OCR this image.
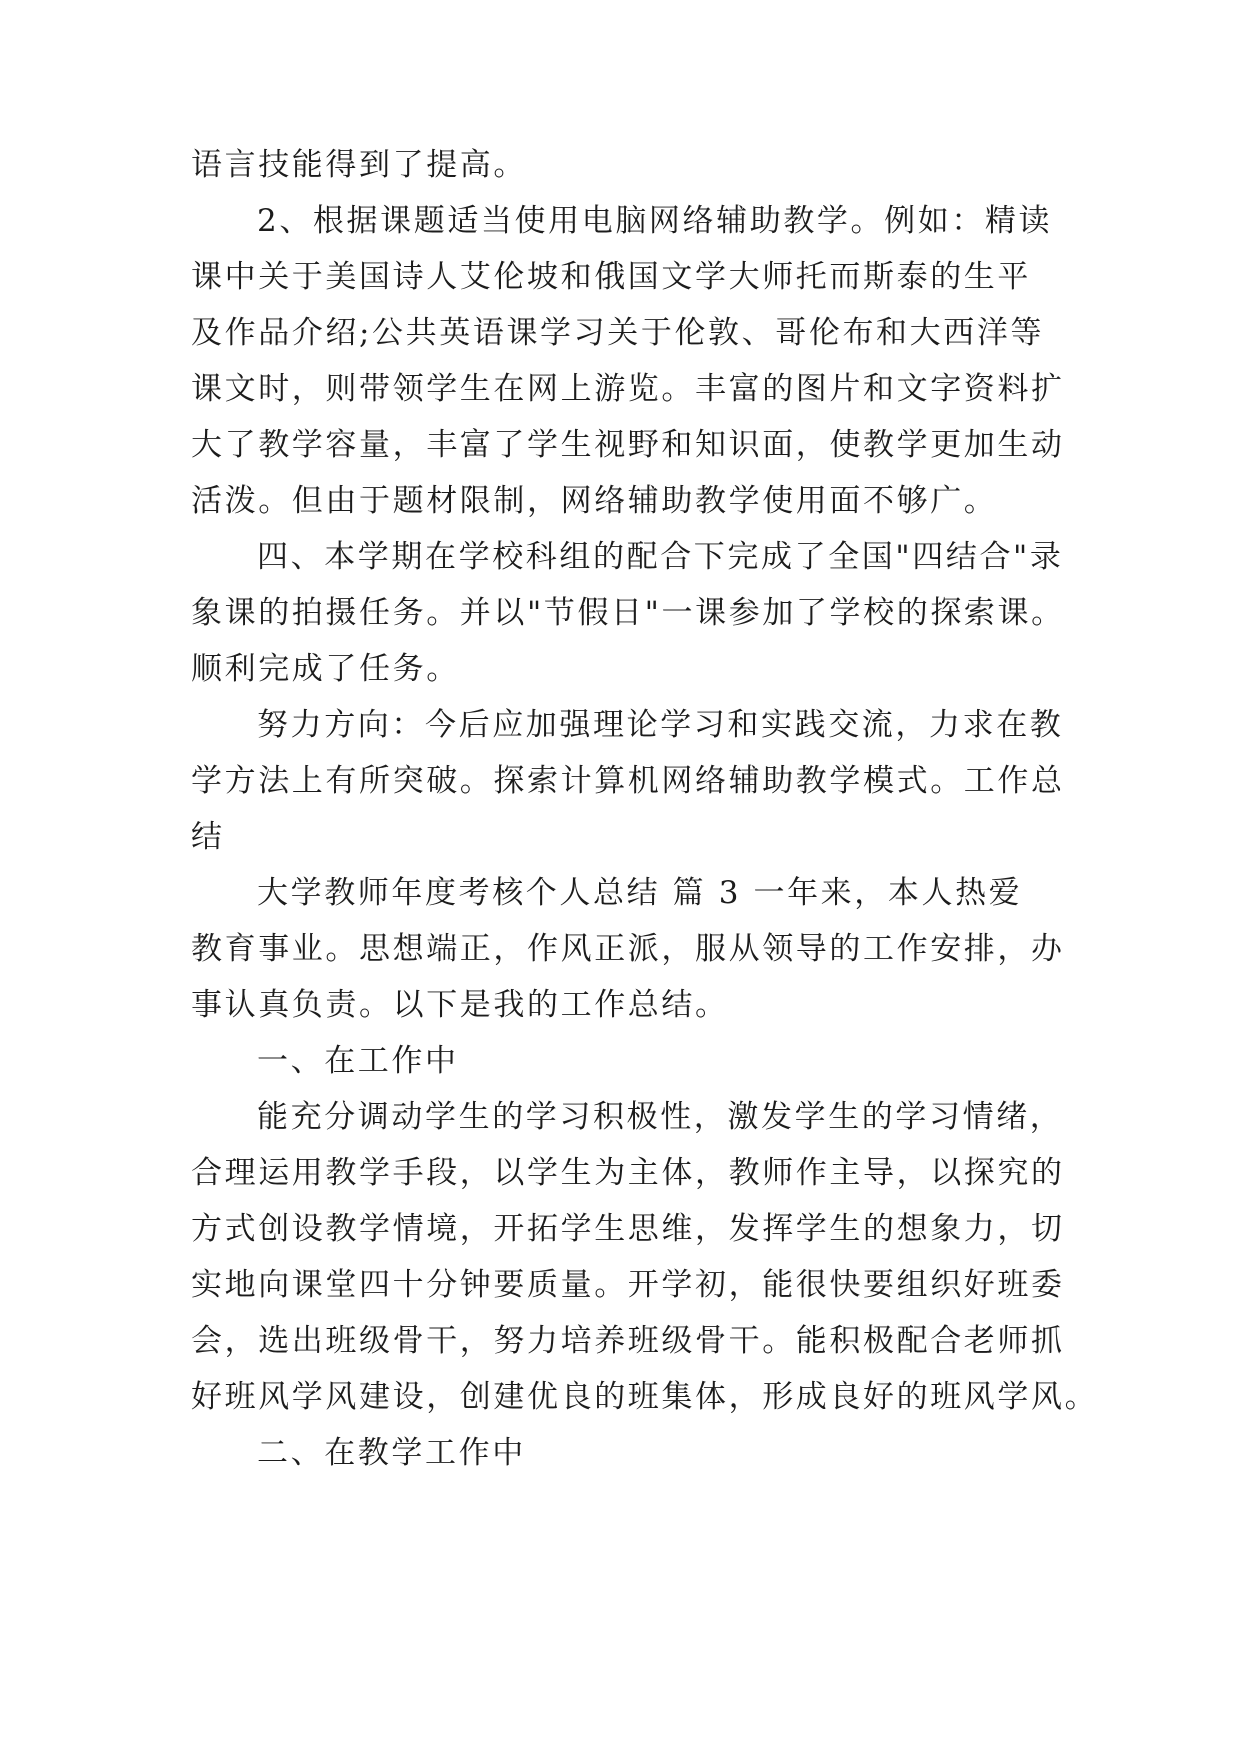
语言技能得到了提高。
2、根据课题适当使用电脑网络辅助教学。例如：精读
课中关于美国诗人艾伦坡和俄国文学大师托而斯泰的生平
及作品介绍;公共英语课学习关于伦敦、哥伦布和大西洋等
课文时，则带领学生在网上游览。丰富的图片和文字资料扩
大了教学容量，丰富了学生视野和知识面，使教学更加生动
活泼。但由于题材限制，网络辅助教学使用面不够广。
四、本学期在学校科组的配合下完成了全国"四结合"录
象课的拍摄任务。并以"节假日"一课参加了学校的探索课。
顺利完成了任务。
努力方向：今后应加强理论学习和实践交流，力求在教
学方法上有所突破。探索计算机网络辅助教学模式。工作总
结
大学教师年度考核个人总结 篇 3 一年来，本人热爱
教育事业。思想端正，作风正派，服从领导的工作安排，办
事认真负责。以下是我的工作总结。
一、在工作中
能充分调动学生的学习积极性，激发学生的学习情绪，
合理运用教学手段，以学生为主体，教师作主导，以探究的
方式创设教学情境，开拓学生思维，发挥学生的想象力，切
实地向课堂四十分钟要质量。开学初，能很快要组织好班委
会，选出班级骨干，努力培养班级骨干。能积极配合老师抓
好班风学风建设，创建优良的班集体，形成良好的班风学风。
二、在教学工作中
